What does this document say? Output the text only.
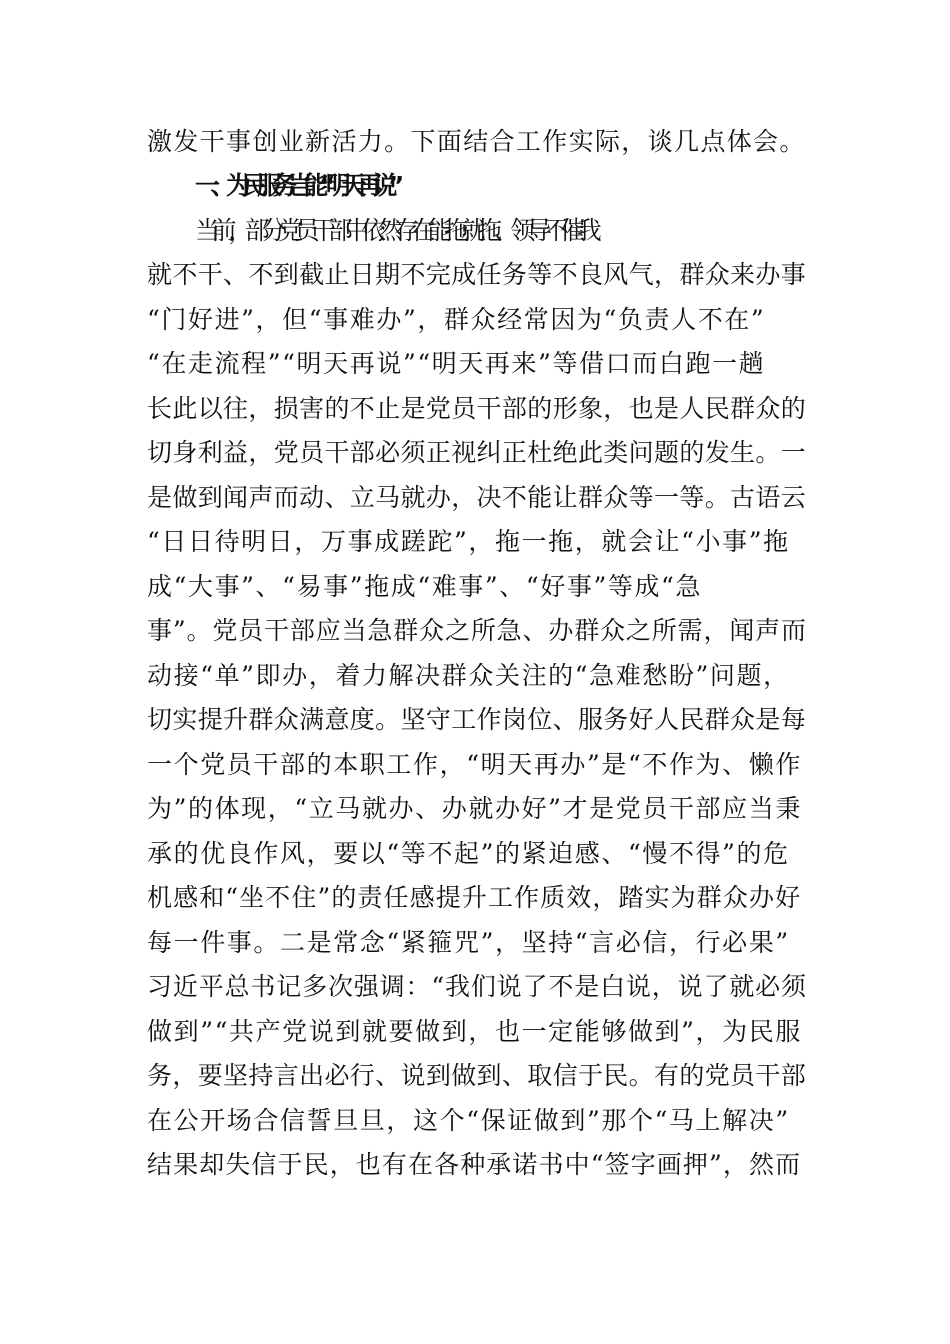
激发干事创业新活力。下面结合工作实际，谈几点体会。
一、为民服务岂能“明天再说”
当前，部分党员干部中依然存在能拖就拖、领导不催我
就不干、不到截止日期不完成任务等不良风气，群众来办事
“门好进”，但“事难办”，群众经常因为“负责人不在”
“在走流程”“明天再说”“明天再来”等借口而白跑一趟
长此以往，损害的不止是党员干部的形象，也是人民群众的
切身利益，党员干部必须正视纠正杜绝此类问题的发生。一
是做到闻声而动、立马就办，决不能让群众等一等。古语云
“日日待明日，万事成蹉跎”，拖一拖，就会让“小事”拖
成“大事”、“易事”拖成“难事”、“好事”等成“急
事”。党员干部应当急群众之所急、办群众之所需，闻声而
动接“单”即办，着力解决群众关注的“急难愁盼”问题，
切实提升群众满意度。坚守工作岗位、服务好人民群众是每
一个党员干部的本职工作，“明天再办”是“不作为、懒作
为”的体现，“立马就办、办就办好”才是党员干部应当秉
承的优良作风，要以“等不起”的紧迫感、“慢不得”的危
机感和“坐不住”的责任感提升工作质效，踏实为群众办好
每一件事。二是常念“紧箍咒”，坚持“言必信，行必果”
习近平总书记多次强调：“我们说了不是白说，说了就必须
做到”“共产党说到就要做到，也一定能够做到”，为民服
务，要坚持言出必行、说到做到、取信于民。有的党员干部
在公开场合信誓旦旦，这个“保证做到”那个“马上解决”
结果却失信于民，也有在各种承诺书中“签字画押”，然而
